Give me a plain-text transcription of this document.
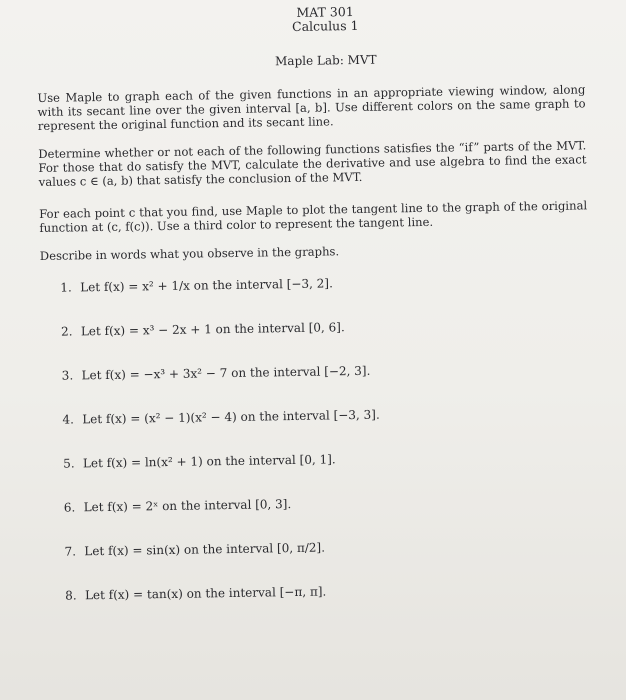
MAT 301
Calculus 1
Maple Lab: MVT

Use Maple to graph each of the given functions in an appropriate viewing window, along with its secant line over the given interval [a, b]. Use different colors on the same graph to represent the original function and its secant line.

Determine whether or not each of the following functions satisfies the “if” parts of the MVT. For those that do satisfy the MVT, calculate the derivative and use algebra to find the exact values c ∈ (a, b) that satisfy the conclusion of the MVT.

For each point c that you find, use Maple to plot the tangent line to the graph of the original function at (c, f(c)). Use a third color to represent the tangent line.

Describe in words what you observe in the graphs.

1. Let f(x) = x² + 1/x on the interval [−3, 2].
2. Let f(x) = x³ − 2x + 1 on the interval [0, 6].
3. Let f(x) = −x³ + 3x² − 7 on the interval [−2, 3].
4. Let f(x) = (x² − 1)(x² − 4) on the interval [−3, 3].
5. Let f(x) = ln(x² + 1) on the interval [0, 1].
6. Let f(x) = 2ˣ on the interval [0, 3].
7. Let f(x) = sin(x) on the interval [0, π/2].
8. Let f(x) = tan(x) on the interval [−π, π].
